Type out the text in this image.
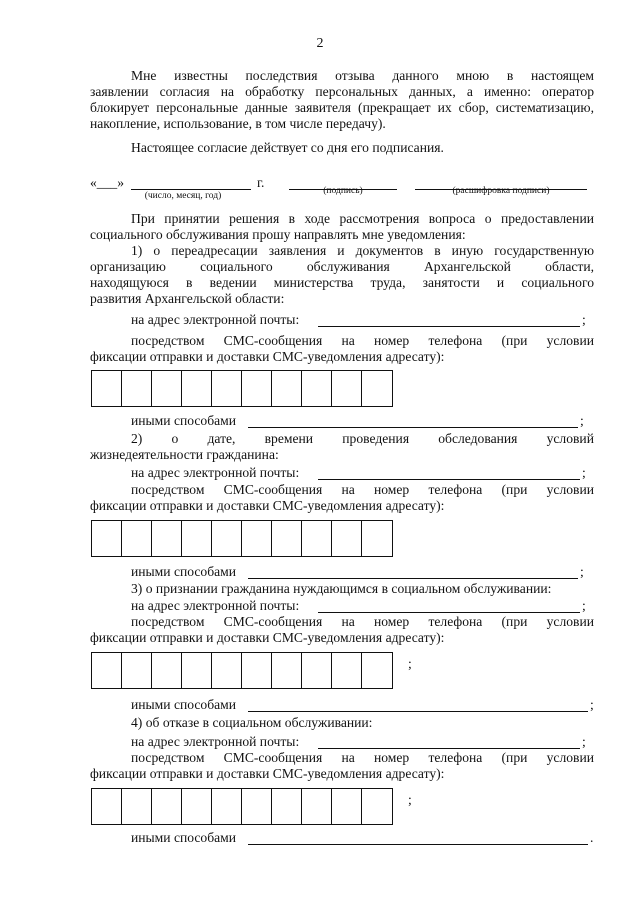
2
Мне известны последствия отзыва данного мною в настоящем
заявлении согласия на обработку персональных данных, а именно: оператор
блокирует персональные данные заявителя (прекращает их сбор, систематизацию,
накопление, использование, в том числе передачу).
Настоящее согласие действует со дня его подписания.
«___»	г.
(число, месяц, год)	(подпись)	(расшифровка подписи)
При принятии решения в ходе рассмотрения вопроса о предоставлении
социального обслуживания прошу направлять мне уведомления:
1) о переадресации заявления и документов в иную государственную
организацию социального обслуживания Архангельской области,
находящуюся в ведении министерства труда, занятости и социального
развития Архангельской области:
на адрес электронной почты:	;
посредством СМС-сообщения на номер телефона (при условии
фиксации отправки и доставки СМС-уведомления адресату):
иными способами	;
2) о дате, времени проведения обследования условий
жизнедеятельности гражданина:
на адрес электронной почты:	;
посредством СМС-сообщения на номер телефона (при условии
фиксации отправки и доставки СМС-уведомления адресату):
иными способами	;
3) о признании гражданина нуждающимся в социальном обслуживании:
на адрес электронной почты:	;
посредством СМС-сообщения на номер телефона (при условии
фиксации отправки и доставки СМС-уведомления адресату):
;
иными способами	;
4) об отказе в социальном обслуживании:
на адрес электронной почты:	;
посредством СМС-сообщения на номер телефона (при условии
фиксации отправки и доставки СМС-уведомления адресату):
;
иными способами	.
